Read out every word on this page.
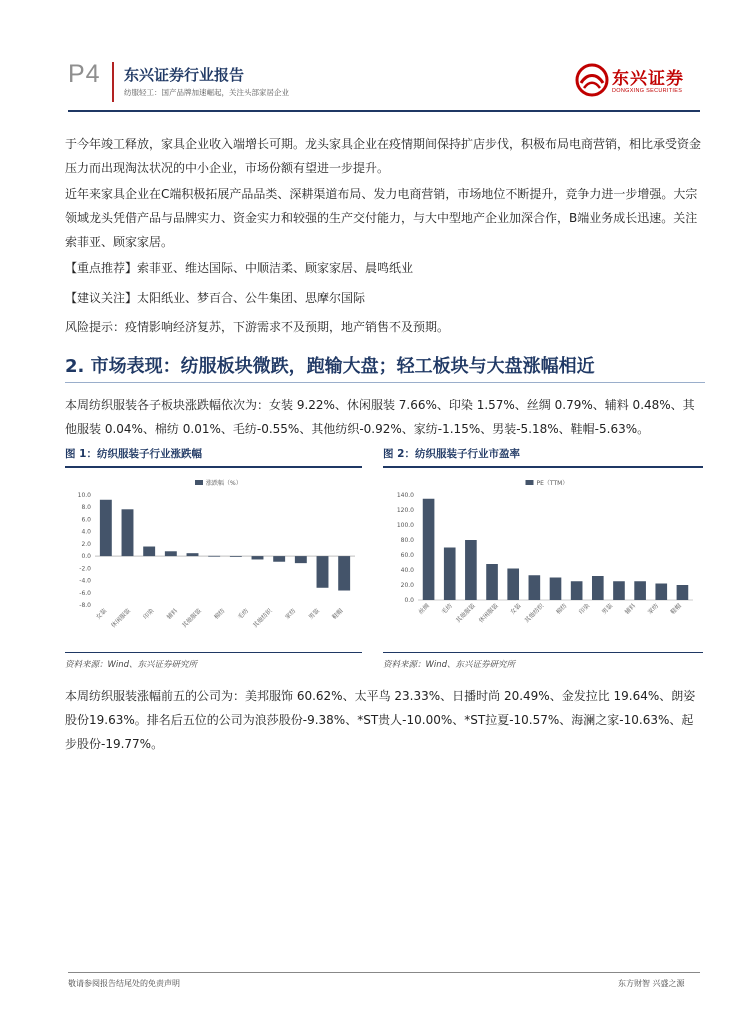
P4 东兴证券行业报告
纺服轻工：国产品牌加速崛起，关注头部家居企业
东兴证券
DONGXING SECURITIES

于今年竣工释放，家具企业收入端增长可期。龙头家具企业在疫情期间保持扩店步伐，积极布局电商营销，相比承受资金压力而出现淘汰状况的中小企业，市场份额有望进一步提升。

近年来家具企业在C端积极拓展产品品类、深耕渠道布局、发力电商营销，市场地位不断提升，竞争力进一步增强。大宗领域龙头凭借产品与品牌实力、资金实力和较强的生产交付能力，与大中型地产企业加深合作，B端业务成长迅速。关注索菲亚、顾家家居。

【重点推荐】索菲亚、维达国际、中顺洁柔、顾家家居、晨鸣纸业

【建议关注】太阳纸业、梦百合、公牛集团、思摩尔国际

风险提示：疫情影响经济复苏，下游需求不及预期，地产销售不及预期。

2. 市场表现：纺服板块微跌，跑输大盘；轻工板块与大盘涨幅相近

本周纺织服装各子板块涨跌幅依次为：女装 9.22%、休闲服装 7.66%、印染 1.57%、丝绸 0.79%、辅料 0.48%、其他服装 0.04%、棉纺 0.01%、毛纺-0.55%、其他纺织-0.92%、家纺-1.15%、男装-5.18%、鞋帽-5.63%。

图 1：纺织服装子行业涨跌幅
涨跌幅（%）
10.0
8.0
6.0
4.0
2.0
0.0
-2.0
-4.0
-6.0
-8.0
女装 休闲服装 印染 辅料 其他服装 棉纺 毛纺 其他纺织 家纺 男装 鞋帽
资料来源：Wind、东兴证券研究所
图 2：纺织服装子行业市盈率
PE（TTM）
140.0
120.0
100.0
80.0
60.0
40.0
20.0
0.0
丝绸 毛纺 其他服装 休闲服装 女装 其他纺织 棉纺 印染 男装 辅料 家纺 鞋帽
资料来源：Wind、东兴证券研究所

本周纺织服装涨幅前五的公司为：美邦服饰 60.62%、太平鸟 23.33%、日播时尚 20.49%、金发拉比 19.64%、朗姿股份19.63%。排名后五位的公司为浪莎股份-9.38%、*ST贵人-10.00%、*ST拉夏-10.57%、海澜之家-10.63%、起步股份-19.77%。

敬请参阅报告结尾处的免责声明	东方财智 兴盛之源
